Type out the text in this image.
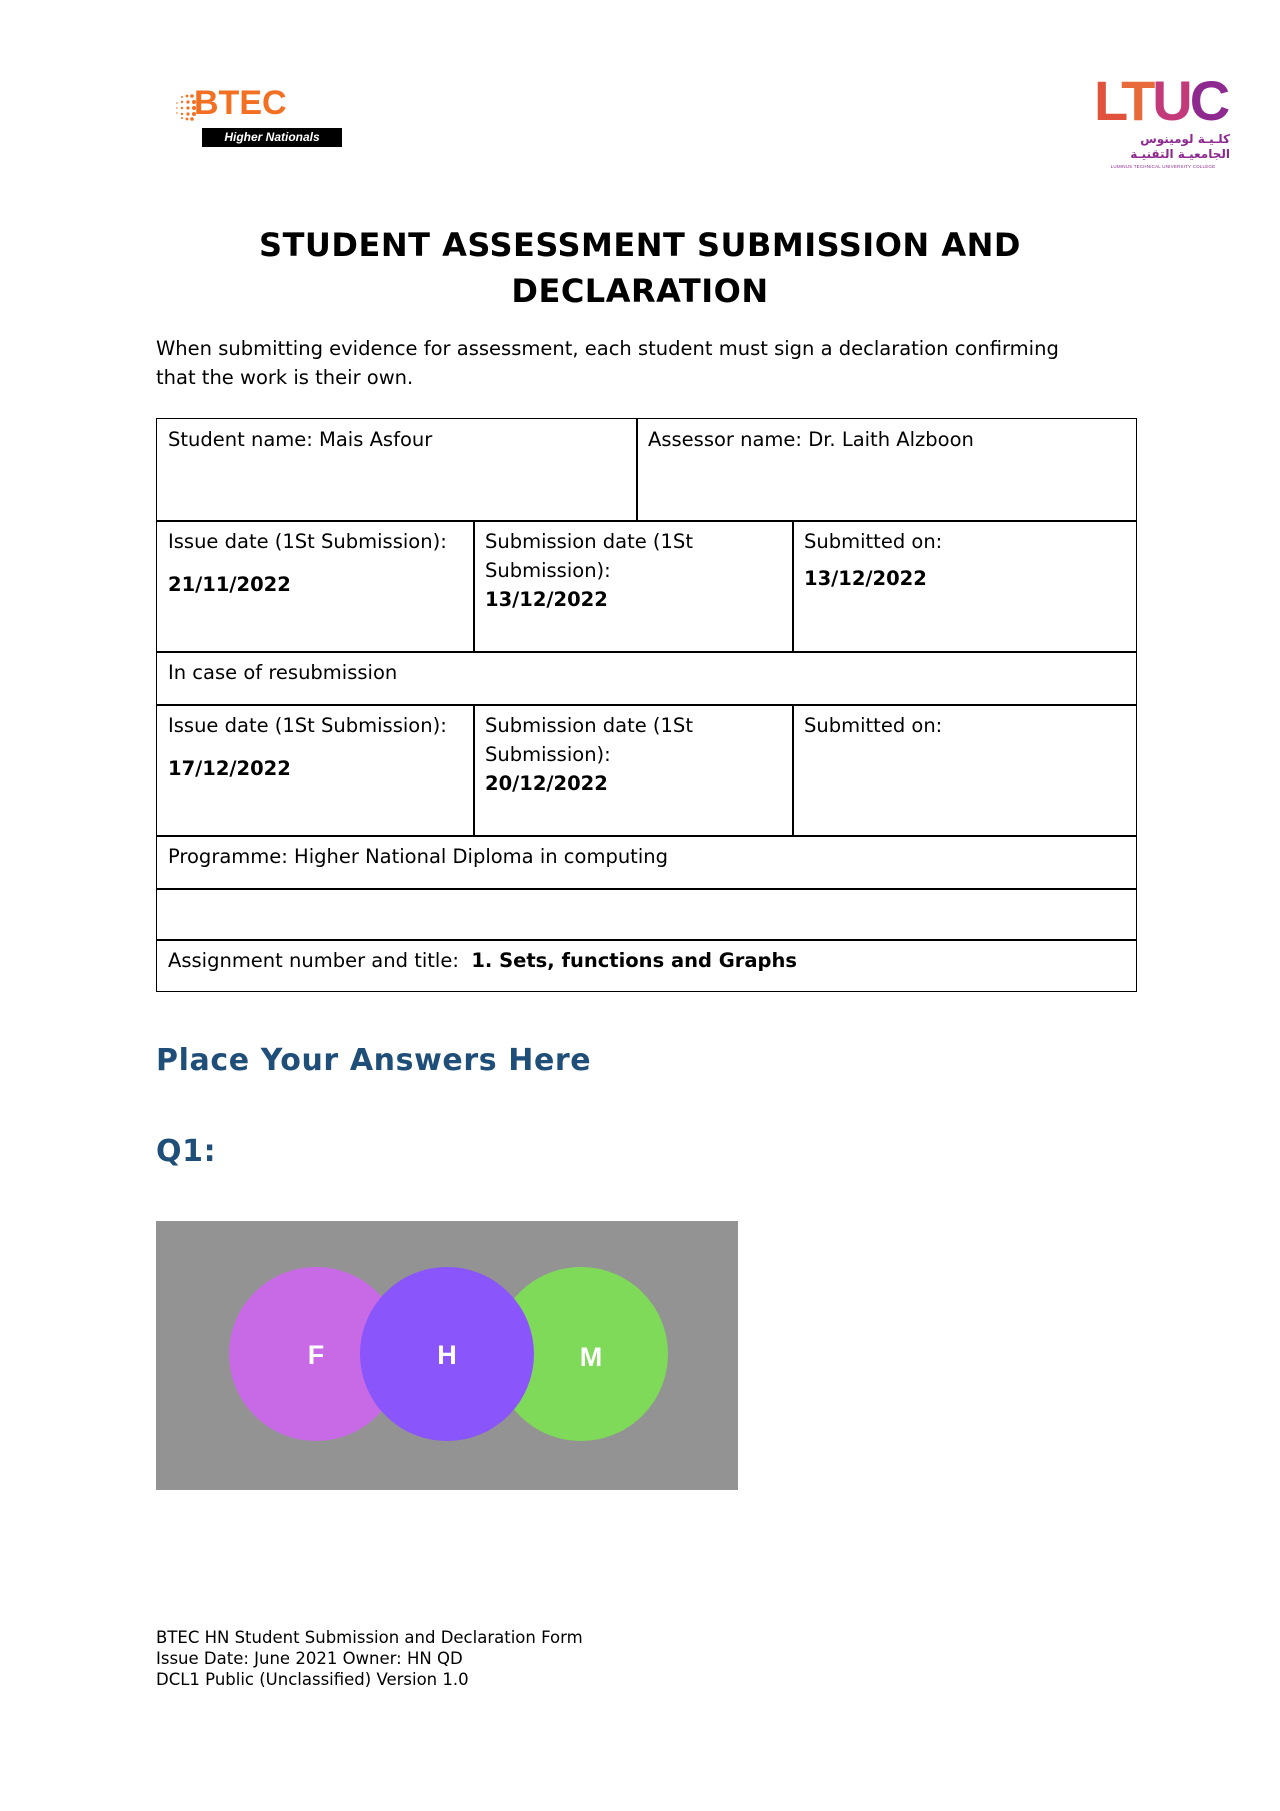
BTEC
Higher Nationals
LTUC
كلـيـة لومينوس
الجامعيـة التقنيـة
LUMINUS TECHNICAL UNIVERSITY COLLEGE
STUDENT ASSESSMENT SUBMISSION AND
DECLARATION
When submitting evidence for assessment, each student must sign a declaration confirming that the work is their own.
Student name: Mais Asfour	Assessor name: Dr. Laith Alzboon
Issue date (1St Submission):
21/11/2022
Submission date (1St Submission):
13/12/2022
Submitted on:
13/12/2022
In case of resubmission
Issue date (1St Submission):
17/12/2022
Submission date (1St Submission):
20/12/2022
Submitted on:
Programme: Higher National Diploma in computing
Assignment number and title: 1. Sets, functions and Graphs
Place Your Answers Here
Q1:
F	H	M
BTEC HN Student Submission and Declaration Form
Issue Date: June 2021 Owner: HN QD
DCL1 Public (Unclassified) Version 1.0
